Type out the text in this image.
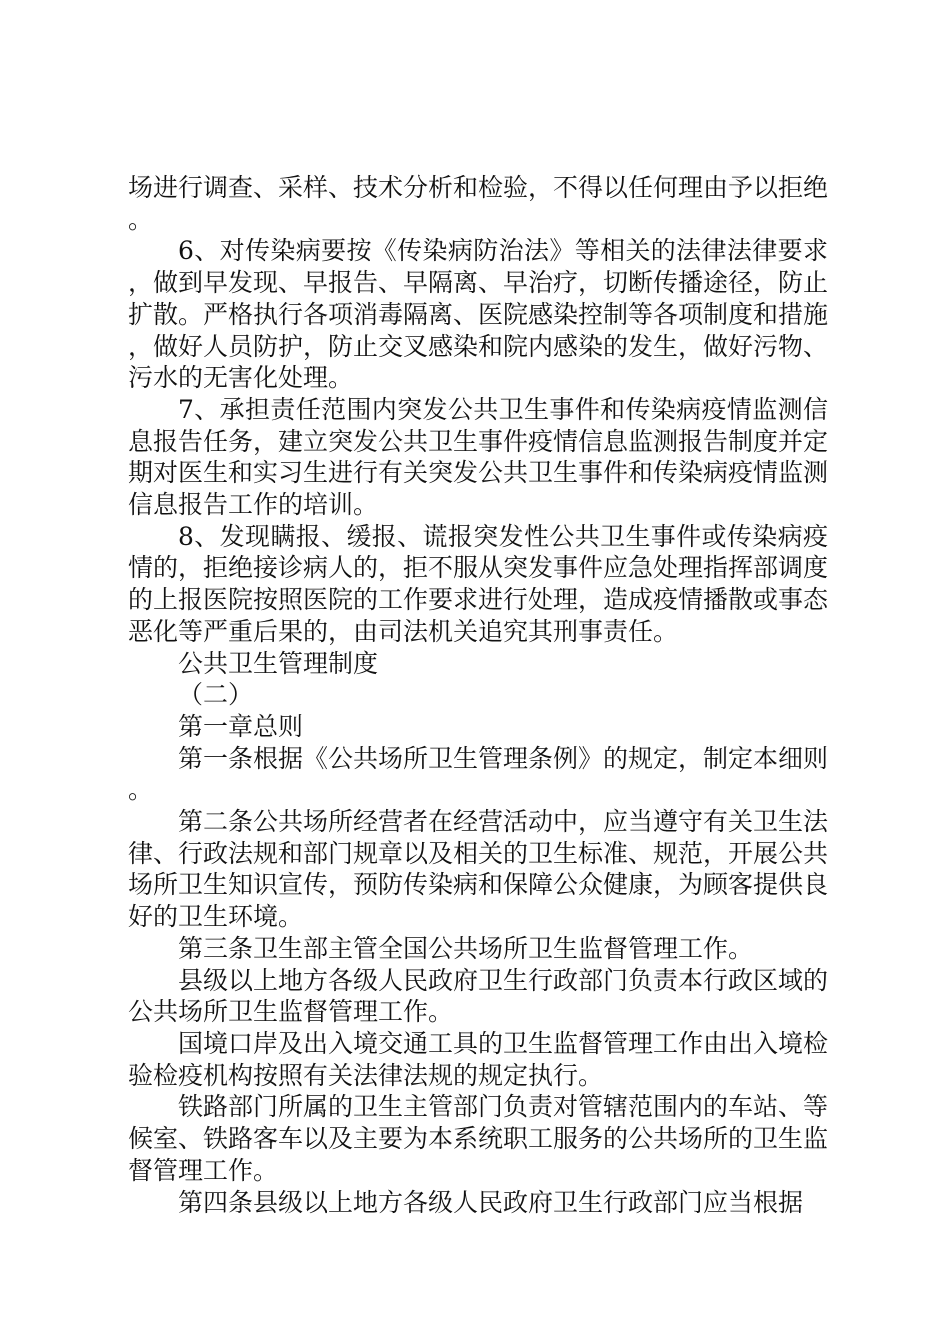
场进行调查、采样、技术分析和检验，不得以任何理由予以拒绝。

6、对传染病要按《传染病防治法》等相关的法律法律要求，做到早发现、早报告、早隔离、早治疗，切断传播途径，防止扩散。严格执行各项消毒隔离、医院感染控制等各项制度和措施，做好人员防护，防止交叉感染和院内感染的发生，做好污物、污水的无害化处理。

7、承担责任范围内突发公共卫生事件和传染病疫情监测信息报告任务，建立突发公共卫生事件疫情信息监测报告制度并定期对医生和实习生进行有关突发公共卫生事件和传染病疫情监测信息报告工作的培训。

8、发现瞒报、缓报、谎报突发性公共卫生事件或传染病疫情的，拒绝接诊病人的，拒不服从突发事件应急处理指挥部调度的上报医院按照医院的工作要求进行处理，造成疫情播散或事态恶化等严重后果的，由司法机关追究其刑事责任。

公共卫生管理制度

（二）

第一章总则

第一条根据《公共场所卫生管理条例》的规定，制定本细则。

第二条公共场所经营者在经营活动中，应当遵守有关卫生法律、行政法规和部门规章以及相关的卫生标准、规范，开展公共场所卫生知识宣传，预防传染病和保障公众健康，为顾客提供良好的卫生环境。

第三条卫生部主管全国公共场所卫生监督管理工作。

县级以上地方各级人民政府卫生行政部门负责本行政区域的公共场所卫生监督管理工作。

国境口岸及出入境交通工具的卫生监督管理工作由出入境检验检疫机构按照有关法律法规的规定执行。

铁路部门所属的卫生主管部门负责对管辖范围内的车站、等候室、铁路客车以及主要为本系统职工服务的公共场所的卫生监督管理工作。

第四条县级以上地方各级人民政府卫生行政部门应当根据
